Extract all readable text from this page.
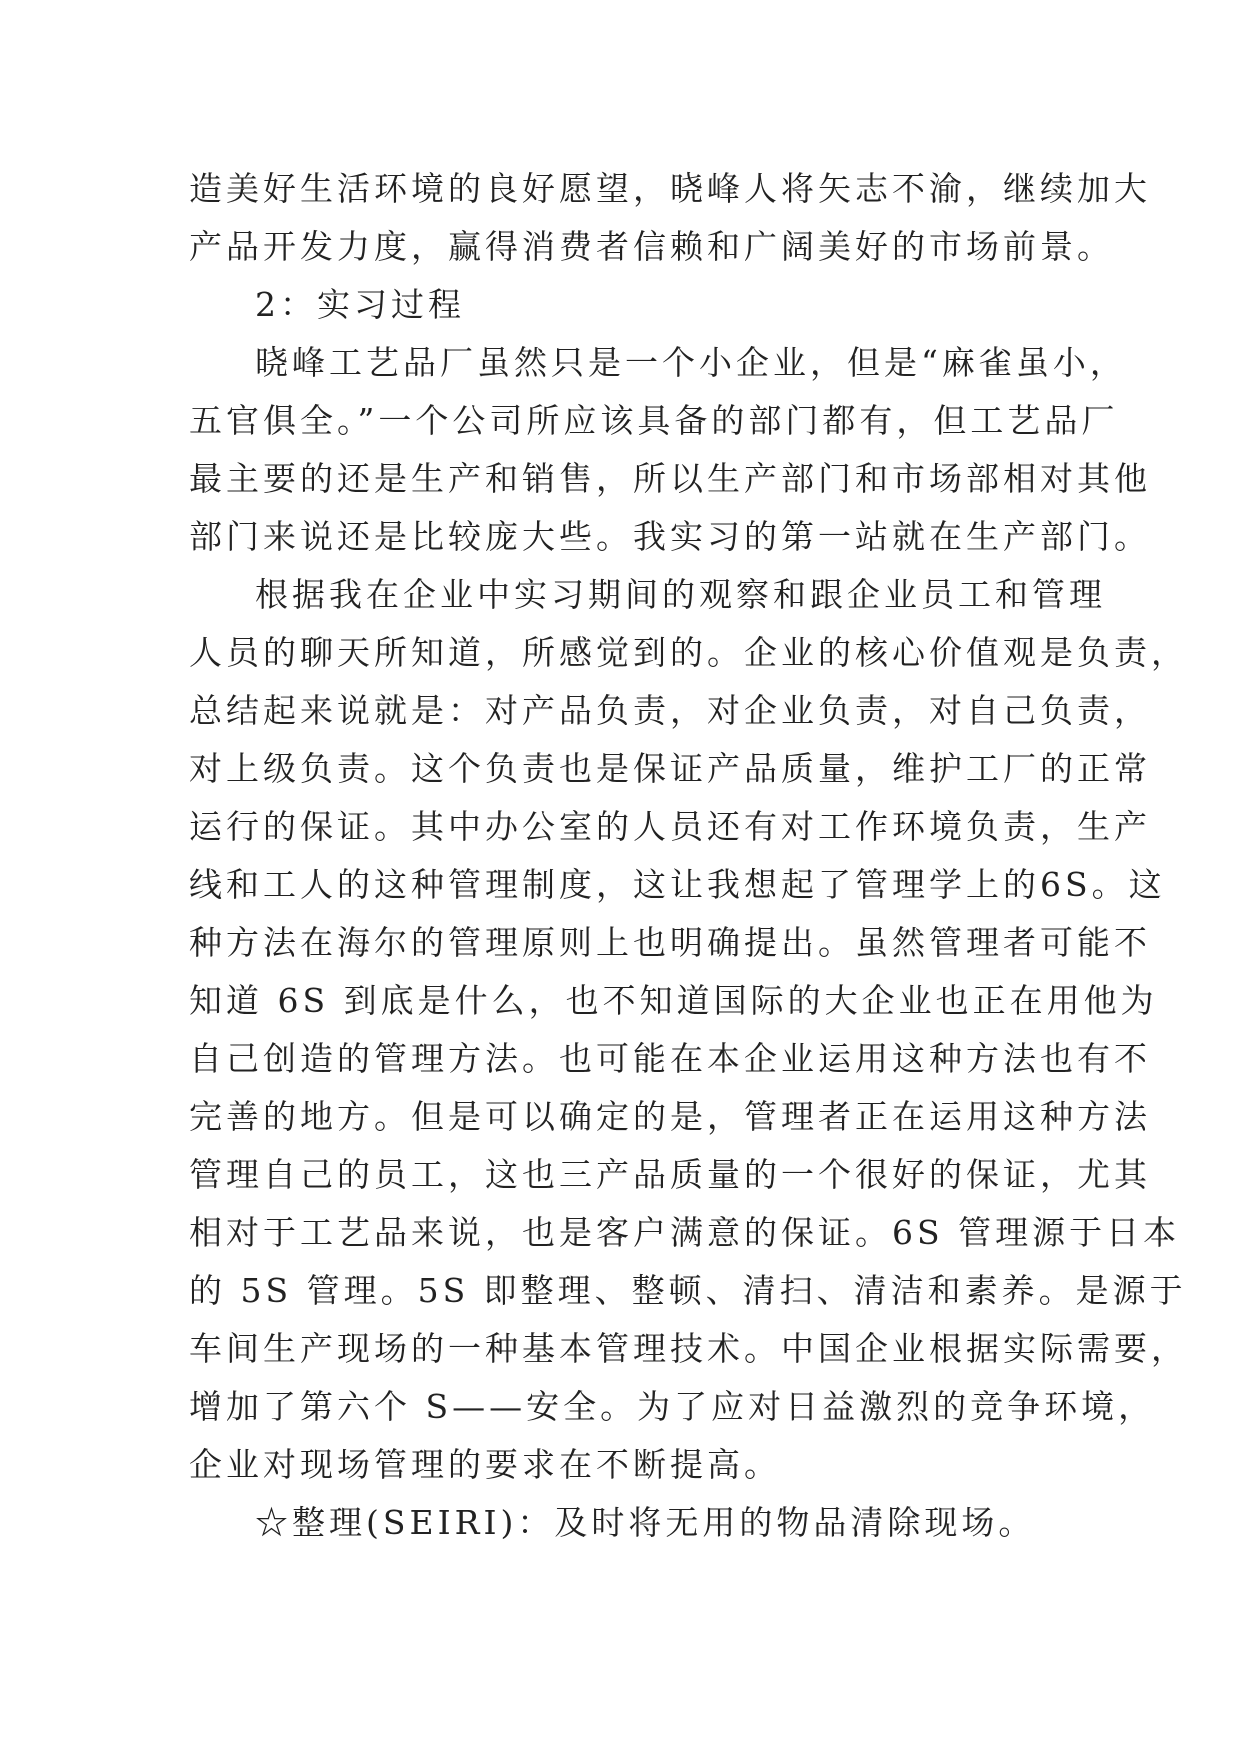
造美好生活环境的良好愿望，晓峰人将矢志不渝，继续加大
产品开发力度，赢得消费者信赖和广阔美好的市场前景。
2：实习过程
晓峰工艺品厂虽然只是一个小企业，但是“麻雀虽小，
五官俱全。”一个公司所应该具备的部门都有，但工艺品厂
最主要的还是生产和销售，所以生产部门和市场部相对其他
部门来说还是比较庞大些。我实习的第一站就在生产部门。
根据我在企业中实习期间的观察和跟企业员工和管理
人员的聊天所知道，所感觉到的。企业的核心价值观是负责，
总结起来说就是：对产品负责，对企业负责，对自己负责，
对上级负责。这个负责也是保证产品质量，维护工厂的正常
运行的保证。其中办公室的人员还有对工作环境负责，生产
线和工人的这种管理制度，这让我想起了管理学上的6S。这
种方法在海尔的管理原则上也明确提出。虽然管理者可能不
知道 6S 到底是什么，也不知道国际的大企业也正在用他为
自己创造的管理方法。也可能在本企业运用这种方法也有不
完善的地方。但是可以确定的是，管理者正在运用这种方法
管理自己的员工，这也三产品质量的一个很好的保证，尤其
相对于工艺品来说，也是客户满意的保证。6S 管理源于日本
的 5S 管理。5S 即整理、整顿、清扫、清洁和素养。是源于
车间生产现场的一种基本管理技术。中国企业根据实际需要，
增加了第六个 S——安全。为了应对日益激烈的竞争环境，
企业对现场管理的要求在不断提高。
☆整理(SEIRI)：及时将无用的物品清除现场。
